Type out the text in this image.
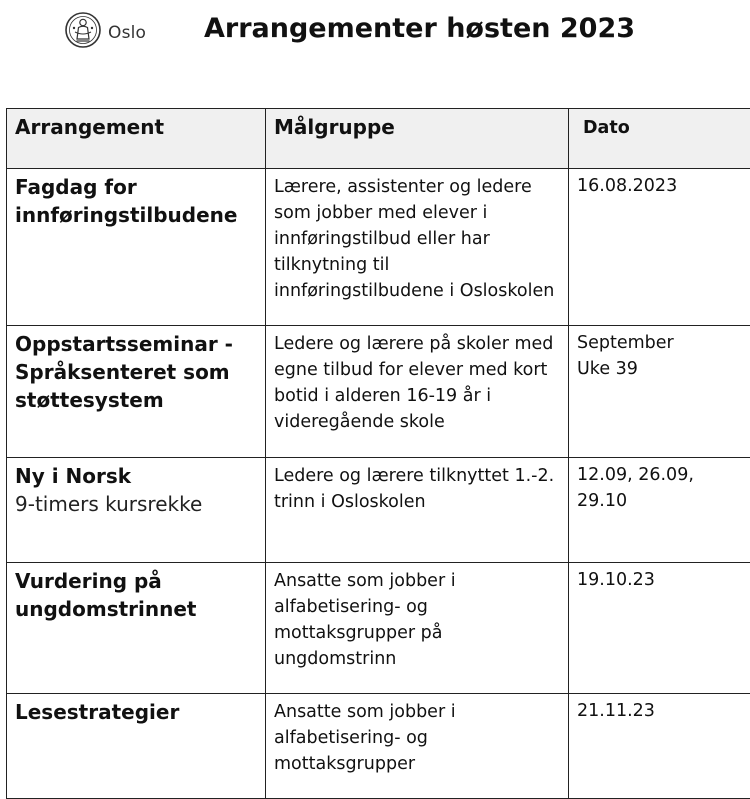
Oslo Arrangementer høsten 2023
Arrangement	Målgruppe	Dato

Fagdag for innføringstilbudene	Lærere, assistenter og ledere som jobber med elever i innføringstilbud eller har tilknytning til innføringstilbudene i Osloskolen	16.08.2023

Oppstartsseminar - Språksenteret som støttesystem	Ledere og lærere på skoler med egne tilbud for elever med kort botid i alderen 16-19 år i videregående skole	September Uke 39

Ny i Norsk
9-timers kursrekke	Ledere og lærere tilknyttet 1.-2. trinn i Osloskolen	12.09, 26.09, 29.10

Vurdering på ungdomstrinnet	Ansatte som jobber i alfabetisering- og mottaksgrupper på ungdomstrinn	19.10.23

Lesestrategier	Ansatte som jobber i alfabetisering- og mottaksgrupper	21.11.23
